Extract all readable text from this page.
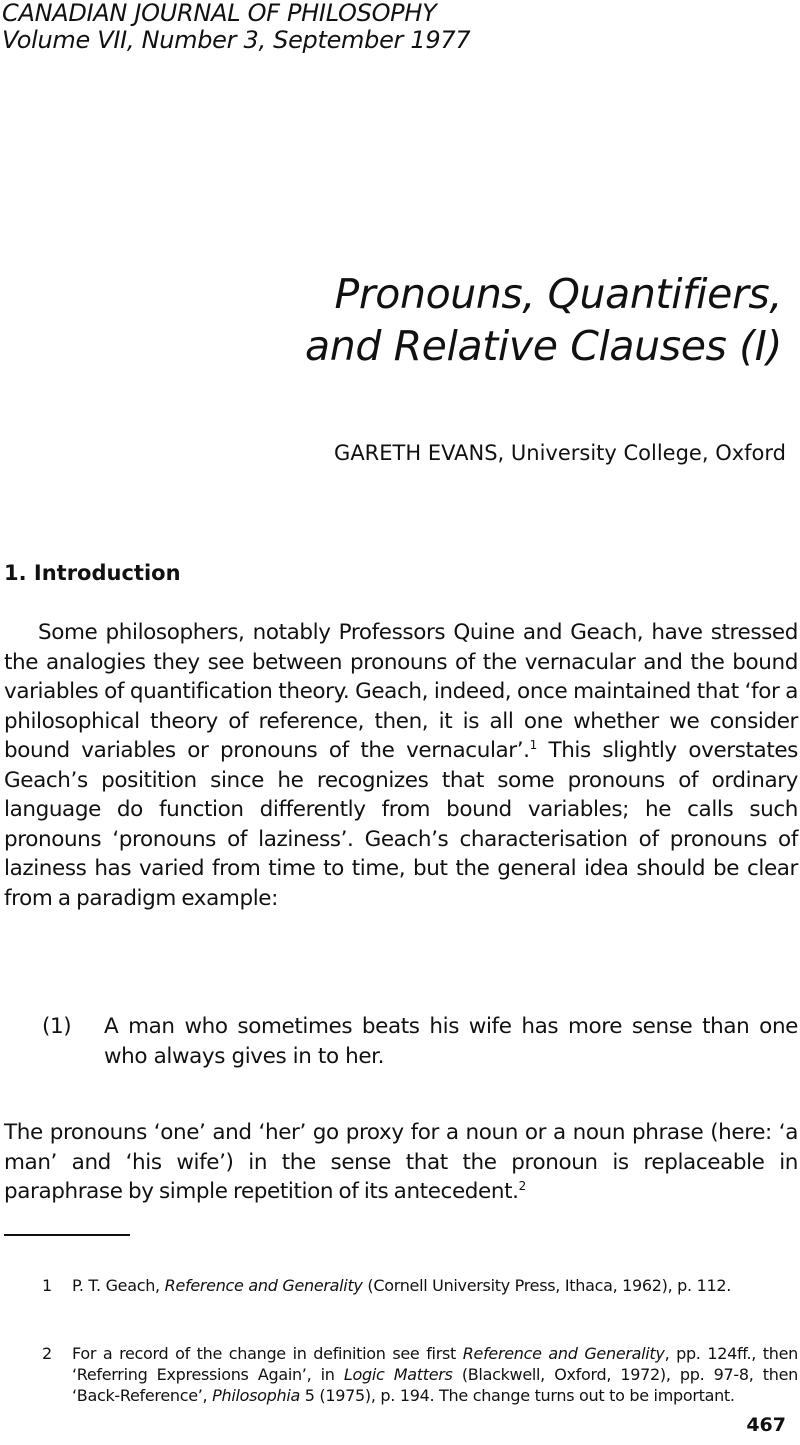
CANADIAN JOURNAL OF PHILOSOPHY
Volume VII, Number 3, September 1977
Pronouns, Quantifiers,
and Relative Clauses (I)
GARETH EVANS, University College, Oxford
1. Introduction
Some philosophers, notably Professors Quine and Geach, have stressed the analogies they see between pronouns of the vernacular and the bound variables of quantification theory. Geach, indeed, once maintained that ‘for a philosophical theory of reference, then, it is all one whether we consider bound variables or pronouns of the vernacular’.$^1$ This slightly overstates Geach’s positition since he recognizes that some pronouns of ordinary language do function differently from bound variables; he calls such pronouns ‘pronouns of laziness’. Geach’s characterisation of pronouns of laziness has varied from time to time, but the general idea should be clear from a paradigm example:
(1) A man who sometimes beats his wife has more sense than one who always gives in to her.
The pronouns ‘one’ and ‘her’ go proxy for a noun or a noun phrase (here: ‘a man’ and ‘his wife’) in the sense that the pronoun is replaceable in paraphrase by simple repetition of its antecedent.$^2$
1 P. T. Geach, Reference and Generality (Cornell University Press, Ithaca, 1962), p. 112.
2 For a record of the change in definition see first Reference and Generality, pp. 124ff., then ‘Referring Expressions Again’, in Logic Matters (Blackwell, Oxford, 1972), pp. 97-8, then ‘Back-Reference’, Philosophia 5 (1975), p. 194. The change turns out to be important.
467
